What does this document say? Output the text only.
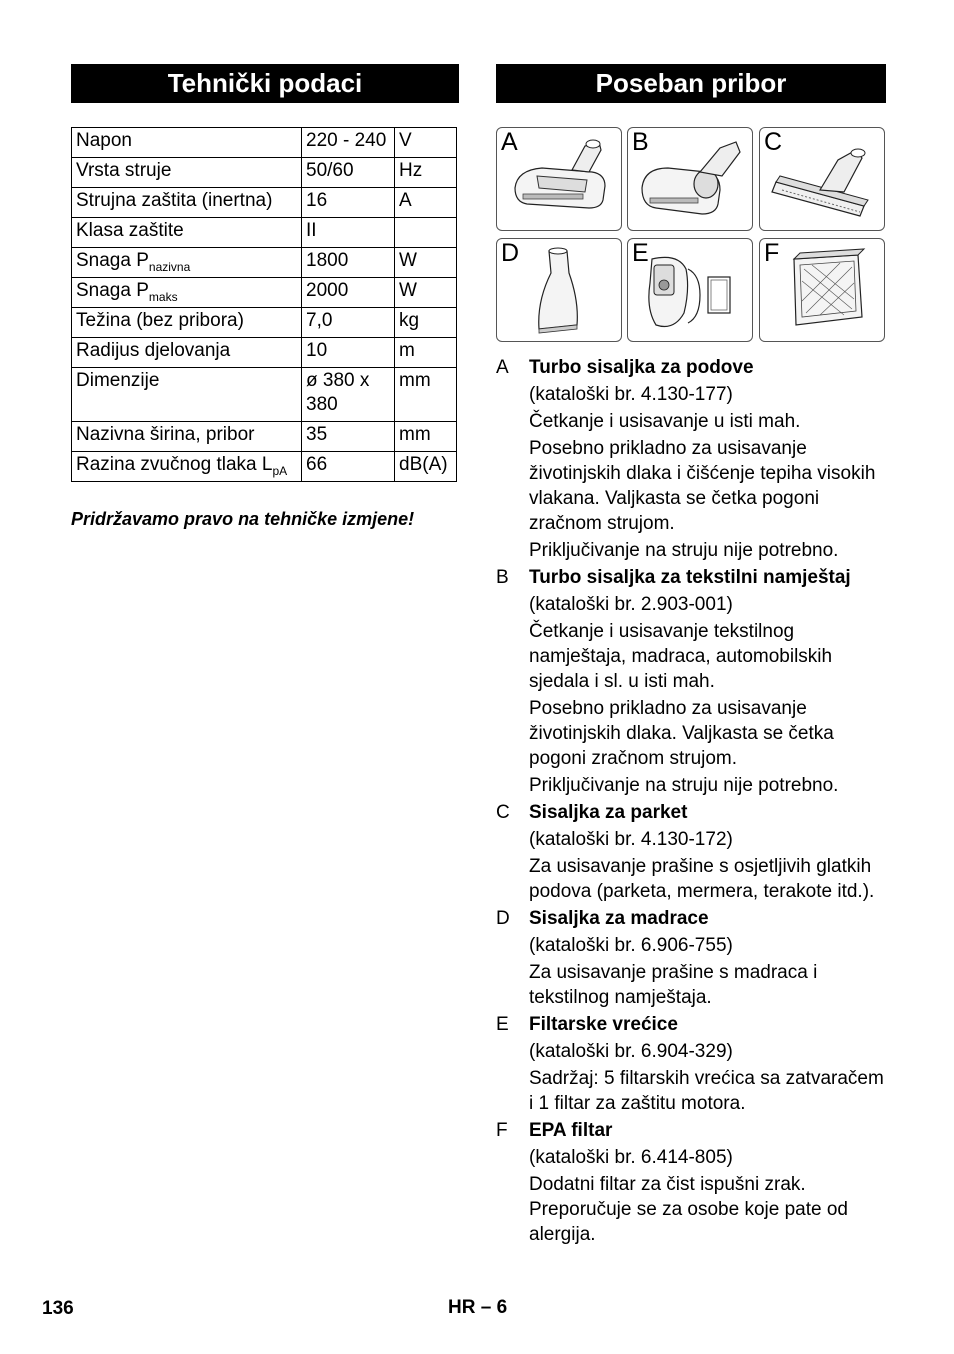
Tehnički podaci	Poseban pribor
Napon	220 - 240	V
Vrsta struje	50/60	Hz
Strujna zaštita (inertna)	16	A
Klasa zaštite	II	
Snaga $P_{nazivna}$	1800	W
Snaga $P_{maks}$	2000	W
Težina (bez pribora)	7,0	kg
Radijus djelovanja	10	m
Dimenzije	ø 380 x 380	mm
Nazivna širina, pribor	35	mm
Razina zvučnog tlaka $L_{pA}$	66	dB(A)
Pridržavamo pravo na tehničke izmjene!
A	B	C
D	E	F
A Turbo sisaljka za podove

(kataloški br. 4.130-177)

Četkanje i usisavanje u isti mah.

Posebno prikladno za usisavanje životinjskih dlaka i čišćenje tepiha visokih vlakana. Valjkasta se četka pogoni zračnom strujom.

Priključivanje na struju nije potrebno.

B Turbo sisaljka za tekstilni namještaj

(kataloški br. 2.903-001)

Četkanje i usisavanje tekstilnog namještaja, madraca, automobilskih sjedala i sl. u isti mah.

Posebno prikladno za usisavanje životinjskih dlaka. Valjkasta se četka pogoni zračnom strujom.

Priključivanje na struju nije potrebno.

C Sisaljka za parket

(kataloški br. 4.130-172)

Za usisavanje prašine s osjetljivih glatkih podova (parketa, mermera, terakote itd.).

D Sisaljka za madrace

(kataloški br. 6.906-755)

Za usisavanje prašine s madraca i tekstilnog namještaja.

E Filtarske vrećice

(kataloški br. 6.904-329)

Sadržaj: 5 filtarskih vrećica sa zatvaračem i 1 filtar za zaštitu motora.

F EPA filtar

(kataloški br. 6.414-805)

Dodatni filtar za čist ispušni zrak. Preporučuje se za osobe koje pate od alergija.

136	HR – 6
